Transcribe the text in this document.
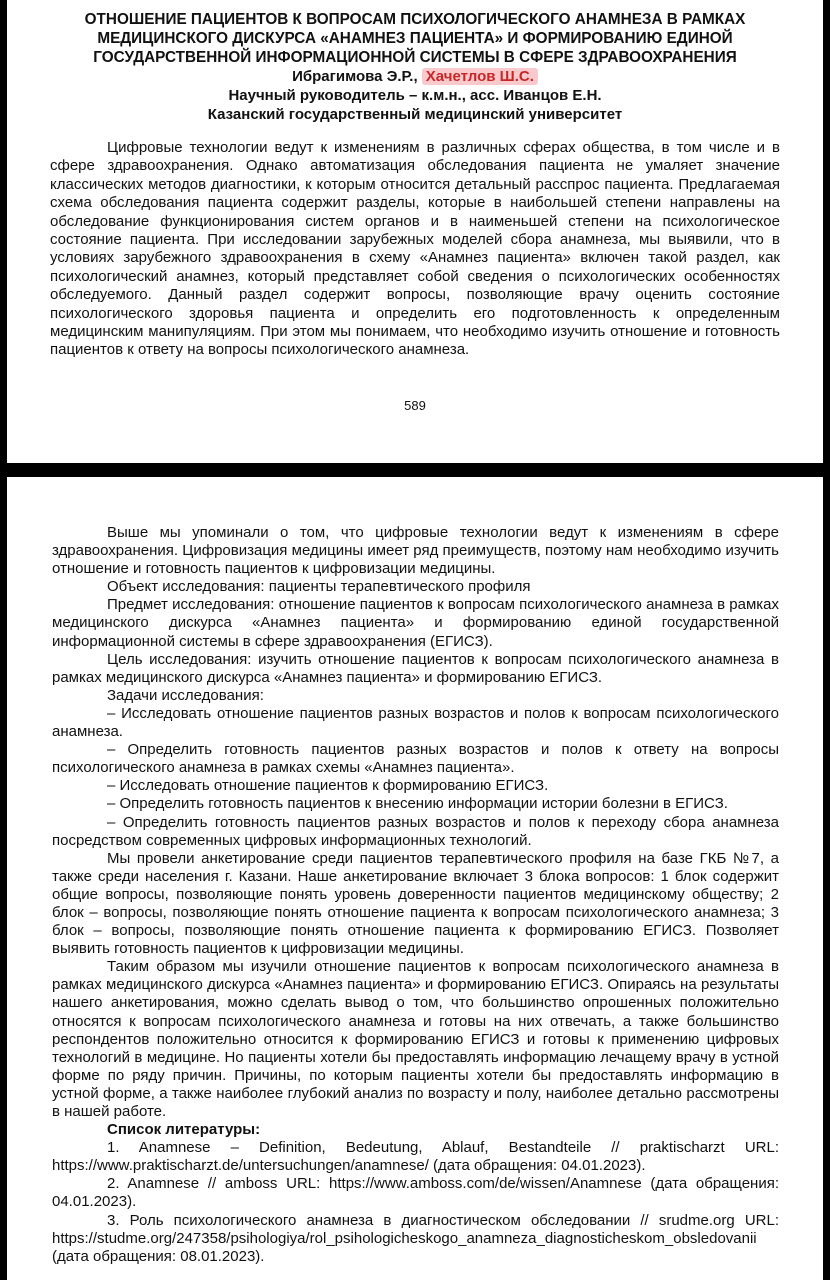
ОТНОШЕНИЕ ПАЦИЕНТОВ К ВОПРОСАМ ПСИХОЛОГИЧЕСКОГО АНАМНЕЗА В РАМКАХ

МЕДИЦИНСКОГО ДИСКУРСА «АНАМНЕЗ ПАЦИЕНТА» И ФОРМИРОВАНИЮ ЕДИНОЙ

ГОСУДАРСТВЕННОЙ ИНФОРМАЦИОННОЙ СИСТЕМЫ В СФЕРЕ ЗДРАВООХРАНЕНИЯ

Ибрагимова Э.Р., Хачетлов Ш.С.
Научный руководитель – к.м.н., асс. Иванцов Е.Н.
Казанский государственный медицинский университет

Цифровые технологии ведут к изменениям в различных сферах общества, в том числе и в сфере здравоохранения. Однако автоматизация обследования пациента не умаляет значение классических методов диагностики, к которым относится детальный расспрос пациента. Предлагаемая схема обследования пациента содержит разделы, которые в наибольшей степени направлены на обследование функционирования систем органов и в наименьшей степени на психологическое состояние пациента. При исследовании зарубежных моделей сбора анамнеза, мы выявили, что в условиях зарубежного здравоохранения в схему «Анамнез пациента» включен такой раздел, как психологический анамнез, который представляет собой сведения о психологических особенностях обследуемого. Данный раздел содержит вопросы, позволяющие врачу оценить состояние психологического здоровья пациента и определить его подготовленность к определенным медицинским манипуляциям. При этом мы понимаем, что необходимо изучить отношение и готовность пациентов к ответу на вопросы психологического анамнеза.

589

Выше мы упоминали о том, что цифровые технологии ведут к изменениям в сфере здравоохранения. Цифровизация медицины имеет ряд преимуществ, поэтому нам необходимо изучить отношение и готовность пациентов к цифровизации медицины.

Объект исследования: пациенты терапевтического профиля

Предмет исследования: отношение пациентов к вопросам психологического анамнеза в рамках медицинского дискурса «Анамнез пациента» и формированию единой государственной информационной системы в сфере здравоохранения (ЕГИСЗ).

Цель исследования: изучить отношение пациентов к вопросам психологического анамнеза в рамках медицинского дискурса «Анамнез пациента» и формированию ЕГИСЗ.

Задачи исследования:

– Исследовать отношение пациентов разных возрастов и полов к вопросам психологического анамнеза.

– Определить готовность пациентов разных возрастов и полов к ответу на вопросы психологического анамнеза в рамках схемы «Анамнез пациента».

– Исследовать отношение пациентов к формированию ЕГИСЗ.

– Определить готовность пациентов к внесению информации истории болезни в ЕГИСЗ.

– Определить готовность пациентов разных возрастов и полов к переходу сбора анамнеза посредством современных цифровых информационных технологий.

Мы провели анкетирование среди пациентов терапевтического профиля на базе ГКБ №7, а также среди населения г. Казани. Наше анкетирование включает 3 блока вопросов: 1 блок содержит общие вопросы, позволяющие понять уровень доверенности пациентов медицинскому обществу; 2 блок – вопросы, позволяющие понять отношение пациента к вопросам психологического анамнеза; 3 блок – вопросы, позволяющие понять отношение пациента к формированию ЕГИСЗ. Позволяет выявить готовность пациентов к цифровизации медицины.

Таким образом мы изучили отношение пациентов к вопросам психологического анамнеза в рамках медицинского дискурса «Анамнез пациента» и формированию ЕГИСЗ. Опираясь на результаты нашего анкетирования, можно сделать вывод о том, что большинство опрошенных положительно относятся к вопросам психологического анамнеза и готовы на них отвечать, а также большинство респондентов положительно относится к формированию ЕГИСЗ и готовы к применению цифровых технологий в медицине. Но пациенты хотели бы предоставлять информацию лечащему врачу в устной форме по ряду причин. Причины, по которым пациенты хотели бы предоставлять информацию в устной форме, а также наиболее глубокий анализ по возрасту и полу, наиболее детально рассмотрены в нашей работе.

Список литературы:

1. Anamnese – Definition, Bedeutung, Ablauf, Bestandteile // praktischarzt URL: https://www.praktischarzt.de/untersuchungen/anamnese/ (дата обращения: 04.01.2023).

2. Anamnese // amboss URL: https://www.amboss.com/de/wissen/Anamnese (дата обращения: 04.01.2023).

3. Роль психологического анамнеза в диагностическом обследовании // srudme.org URL: https://studme.org/247358/psihologiya/rol_psihologicheskogo_anamneza_diagnosticheskom_obsledovanii (дата обращения: 08.01.2023).
